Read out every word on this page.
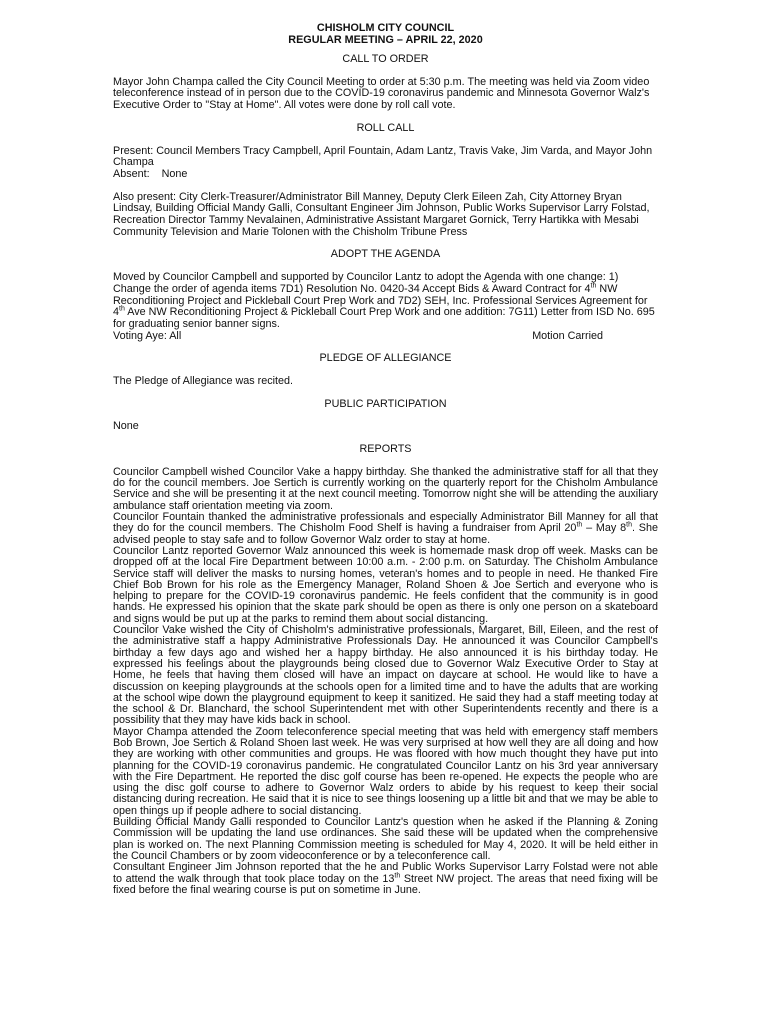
CHISHOLM CITY COUNCIL
REGULAR MEETING – APRIL 22, 2020
CALL TO ORDER

Mayor John Champa called the City Council Meeting to order at 5:30 p.m. The meeting was held via Zoom video teleconference instead of in person due to the COVID-19 coronavirus pandemic and Minnesota Governor Walz's Executive Order to "Stay at Home". All votes were done by roll call vote.

ROLL CALL

Present: Council Members Tracy Campbell, April Fountain, Adam Lantz, Travis Vake, Jim Varda, and Mayor John Champa

Absent:    None

Also present: City Clerk-Treasurer/Administrator Bill Manney, Deputy Clerk Eileen Zah, City Attorney Bryan Lindsay, Building Official Mandy Galli, Consultant Engineer Jim Johnson, Public Works Supervisor Larry Folstad, Recreation Director Tammy Nevalainen, Administrative Assistant Margaret Gornick, Terry Hartikka with Mesabi Community Television and Marie Tolonen with the Chisholm Tribune Press

ADOPT THE AGENDA

Moved by Councilor Campbell and supported by Councilor Lantz to adopt the Agenda with one change: 1) Change the order of agenda items 7D1) Resolution No. 0420-34 Accept Bids & Award Contract for 4th NW Reconditioning Project and Pickleball Court Prep Work and 7D2) SEH, Inc. Professional Services Agreement for 4th Ave NW Reconditioning Project & Pickleball Court Prep Work and one addition: 7G11) Letter from ISD No. 695 for graduating senior banner signs.

Voting Aye: All	Motion Carried
PLEDGE OF ALLEGIANCE

The Pledge of Allegiance was recited.

PUBLIC PARTICIPATION

None

REPORTS

Councilor Campbell wished Councilor Vake a happy birthday. She thanked the administrative staff for all that they do for the council members. Joe Sertich is currently working on the quarterly report for the Chisholm Ambulance Service and she will be presenting it at the next council meeting. Tomorrow night she will be attending the auxiliary ambulance staff orientation meeting via zoom.

Councilor Fountain thanked the administrative professionals and especially Administrator Bill Manney for all that they do for the council members. The Chisholm Food Shelf is having a fundraiser from April 20th – May 8th. She advised people to stay safe and to follow Governor Walz order to stay at home.

Councilor Lantz reported Governor Walz announced this week is homemade mask drop off week. Masks can be dropped off at the local Fire Department between 10:00 a.m. - 2:00 p.m. on Saturday. The Chisholm Ambulance Service staff will deliver the masks to nursing homes, veteran's homes and to people in need. He thanked Fire Chief Bob Brown for his role as the Emergency Manager, Roland Shoen & Joe Sertich and everyone who is helping to prepare for the COVID-19 coronavirus pandemic. He feels confident that the community is in good hands. He expressed his opinion that the skate park should be open as there is only one person on a skateboard and signs would be put up at the parks to remind them about social distancing.

Councilor Vake wished the City of Chisholm's administrative professionals, Margaret, Bill, Eileen, and the rest of the administrative staff a happy Administrative Professionals Day. He announced it was Councilor Campbell's birthday a few days ago and wished her a happy birthday. He also announced it is his birthday today. He expressed his feelings about the playgrounds being closed due to Governor Walz Executive Order to Stay at Home, he feels that having them closed will have an impact on daycare at school. He would like to have a discussion on keeping playgrounds at the schools open for a limited time and to have the adults that are working at the school wipe down the playground equipment to keep it sanitized. He said they had a staff meeting today at the school & Dr. Blanchard, the school Superintendent met with other Superintendents recently and there is a possibility that they may have kids back in school.

Mayor Champa attended the Zoom teleconference special meeting that was held with emergency staff members Bob Brown, Joe Sertich & Roland Shoen last week. He was very surprised at how well they are all doing and how they are working with other communities and groups. He was floored with how much thought they have put into planning for the COVID-19 coronavirus pandemic. He congratulated Councilor Lantz on his 3rd year anniversary with the Fire Department. He reported the disc golf course has been re-opened. He expects the people who are using the disc golf course to adhere to Governor Walz orders to abide by his request to keep their social distancing during recreation. He said that it is nice to see things loosening up a little bit and that we may be able to open things up if people adhere to social distancing.

Building Official Mandy Galli responded to Councilor Lantz's question when he asked if the Planning & Zoning Commission will be updating the land use ordinances. She said these will be updated when the comprehensive plan is worked on. The next Planning Commission meeting is scheduled for May 4, 2020. It will be held either in the Council Chambers or by zoom videoconference or by a teleconference call.

Consultant Engineer Jim Johnson reported that the he and Public Works Supervisor Larry Folstad were not able to attend the walk through that took place today on the 13th Street NW project. The areas that need fixing will be fixed before the final wearing course is put on sometime in June.
